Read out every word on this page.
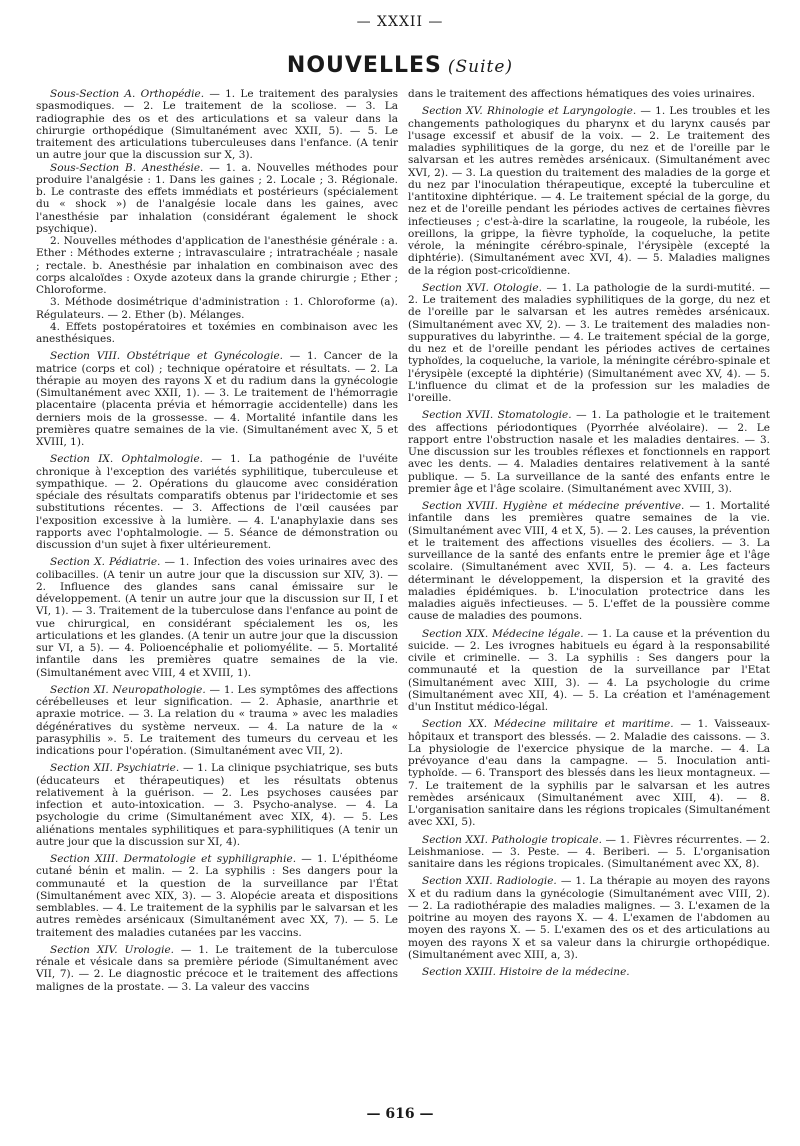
— XXXII —
NOUVELLES (Suite)

Sous-Section A. Orthopédie. — 1. Le traitement des paralysies spasmodiques. — 2. Le traitement de la scoliose. — 3. La radiographie des os et des articulations et sa valeur dans la chirurgie orthopédique (Simultanément avec XXII, 5). — 5. Le traitement des articulations tuberculeuses dans l'enfance. (A tenir un autre jour que la discussion sur X, 3).

Sous-Section B. Anesthésie. — 1. a. Nouvelles méthodes pour produire l'analgésie : 1. Dans les gaines ; 2. Locale ; 3. Régionale. b. Le contraste des effets immédiats et postérieurs (spécialement du « shock ») de l'analgésie locale dans les gaines, avec l'anesthésie par inhalation (considérant également le shock psychique).

2. Nouvelles méthodes d'application de l'anesthésie générale : a. Ether : Méthodes externe ; intravasculaire ; intratrachéale ; nasale ; rectale. b. Anesthésie par inhalation en combinaison avec des corps alcaloïdes : Oxyde azoteux dans la grande chirurgie ; Ether ; Chloroforme.

3. Méthode dosimétrique d'administration : 1. Chloroforme (a). Régulateurs. — 2. Ether (b). Mélanges.

4. Effets postopératoires et toxémies en combinaison avec les anesthésiques.

Section VIII. Obstétrique et Gynécologie. — 1. Cancer de la matrice (corps et col) ; technique opératoire et résultats. — 2. La thérapie au moyen des rayons X et du radium dans la gynécologie (Simultanément avec XXII, 1). — 3. Le traitement de l'hémorragie placentaire (placenta prévia et hémorragie accidentelle) dans les derniers mois de la grossesse. — 4. Mortalité infantile dans les premières quatre semaines de la vie. (Simultanément avec X, 5 et XVIII, 1).

Section IX. Ophtalmologie. — 1. La pathogénie de l'uvéite chronique à l'exception des variétés syphilitique, tuberculeuse et sympathique. — 2. Opérations du glaucome avec considération spéciale des résultats comparatifs obtenus par l'iridectomie et ses substitutions récentes. — 3. Affections de l'œil causées par l'exposition excessive à la lumière. — 4. L'anaphylaxie dans ses rapports avec l'ophtalmologie. — 5. Séance de démonstration ou discussion d'un sujet à fixer ultérieurement.

Section X. Pédiatrie. — 1. Infection des voies urinaires avec des colibacilles. (A tenir un autre jour que la discussion sur XIV, 3). — 2. Influence des glandes sans canal émissaire sur le développement. (A tenir un autre jour que la discussion sur II, I et VI, 1). — 3. Traitement de la tuberculose dans l'enfance au point de vue chirurgical, en considérant spécialement les os, les articulations et les glandes. (A tenir un autre jour que la discussion sur VI, a 5). — 4. Polioencéphalie et poliomyélite. — 5. Mortalité infantile dans les premières quatre semaines de la vie. (Simultanément avec VIII, 4 et XVIII, 1).

Section XI. Neuropathologie. — 1. Les symptômes des affections cérébelleuses et leur signification. — 2. Aphasie, anarthrie et apraxie motrice. — 3. La relation du « trauma » avec les maladies dégénératives du système nerveux. — 4. La nature de la « parasyphilis ». 5. Le traitement des tumeurs du cerveau et les indications pour l'opération. (Simultanément avec VII, 2).

Section XII. Psychiatrie. — 1. La clinique psychiatrique, ses buts (éducateurs et thérapeutiques) et les résultats obtenus relativement à la guérison. — 2. Les psychoses causées par infection et auto-intoxication. — 3. Psycho-analyse. — 4. La psychologie du crime (Simultanément avec XIX, 4). — 5. Les aliénations mentales syphilitiques et para-syphilitiques (A tenir un autre jour que la discussion sur XI, 4).

Section XIII. Dermatologie et syphiligraphie. — 1. L'épithéome cutané bénin et malin. — 2. La syphilis : Ses dangers pour la communauté et la question de la surveillance par l'État (Simultanément avec XIX, 3). — 3. Alopécie areata et dispositions semblables. — 4. Le traitement de la syphilis par le salvarsan et les autres remèdes arsénicaux (Simultanément avec XX, 7). — 5. Le traitement des maladies cutanées par les vaccins.

Section XIV. Urologie. — 1. Le traitement de la tuberculose rénale et vésicale dans sa première période (Simultanément avec VII, 7). — 2. Le diagnostic précoce et le traitement des affections malignes de la prostate. — 3. La valeur des vaccins

dans le traitement des affections hématiques des voies urinaires.

Section XV. Rhinologie et Laryngologie. — 1. Les troubles et les changements pathologiques du pharynx et du larynx causés par l'usage excessif et abusif de la voix. — 2. Le traitement des maladies syphilitiques de la gorge, du nez et de l'oreille par le salvarsan et les autres remèdes arsénicaux. (Simultanément avec XVI, 2). — 3. La question du traitement des maladies de la gorge et du nez par l'inoculation thérapeutique, excepté la tuberculine et l'antitoxine diphtérique. — 4. Le traitement spécial de la gorge, du nez et de l'oreille pendant les périodes actives de certaines fièvres infectieuses ; c'est-à-dire la scarlatine, la rougeole, la rubéole, les oreillons, la grippe, la fièvre typhoïde, la coqueluche, la petite vérole, la méningite cérébro-spinale, l'érysipèle (excepté la diphtérie). (Simultanément avec XVI, 4). — 5. Maladies malignes de la région post-cricoïdienne.

Section XVI. Otologie. — 1. La pathologie de la surdi-mutité. — 2. Le traitement des maladies syphilitiques de la gorge, du nez et de l'oreille par le salvarsan et les autres remèdes arsénicaux. (Simultanément avec XV, 2). — 3. Le traitement des maladies non-suppuratives du labyrinthe. — 4. Le traitement spécial de la gorge, du nez et de l'oreille pendant les périodes actives de certaines typhoïdes, la coqueluche, la variole, la méningite cérébro-spinale et l'érysipèle (excepté la diphtérie) (Simultanément avec XV, 4). — 5. L'influence du climat et de la profession sur les maladies de l'oreille.

Section XVII. Stomatologie. — 1. La pathologie et le traitement des affections périodontiques (Pyorrhée alvéolaire). — 2. Le rapport entre l'obstruction nasale et les maladies dentaires. — 3. Une discussion sur les troubles réflexes et fonctionnels en rapport avec les dents. — 4. Maladies dentaires relativement à la santé publique. — 5. La surveillance de la santé des enfants entre le premier âge et l'âge scolaire. (Simultanément avec XVIII, 3).

Section XVIII. Hygiène et médecine préventive. — 1. Mortalité infantile dans les premières quatre semaines de la vie. (Simultanément avec VIII, 4 et X, 5). — 2. Les causes, la prévention et le traitement des affections visuelles des écoliers. — 3. La surveillance de la santé des enfants entre le premier âge et l'âge scolaire. (Simultanément avec XVII, 5). — 4. a. Les facteurs déterminant le développement, la dispersion et la gravité des maladies épidémiques. b. L'inoculation protectrice dans les maladies aiguës infectieuses. — 5. L'effet de la poussière comme cause de maladies des poumons.

Section XIX. Médecine légale. — 1. La cause et la prévention du suicide. — 2. Les ivrognes habituels eu égard à la responsabilité civile et criminelle. — 3. La syphilis : Ses dangers pour la communauté et la question de la surveillance par l'Etat (Simultanément avec XIII, 3). — 4. La psychologie du crime (Simultanément avec XII, 4). — 5. La création et l'aménagement d'un Institut médico-légal.

Section XX. Médecine militaire et maritime. — 1. Vaisseaux-hôpitaux et transport des blessés. — 2. Maladie des caissons. — 3. La physiologie de l'exercice physique de la marche. — 4. La prévoyance d'eau dans la campagne. — 5. Inoculation anti-typhoïde. — 6. Transport des blessés dans les lieux montagneux. — 7. Le traitement de la syphilis par le salvarsan et les autres remèdes arsénicaux (Simultanément avec XIII, 4). — 8. L'organisation sanitaire dans les régions tropicales (Simultanément avec XXI, 5).

Section XXI. Pathologie tropicale. — 1. Fièvres récurrentes. — 2. Leishmaniose. — 3. Peste. — 4. Beriberi. — 5. L'organisation sanitaire dans les régions tropicales. (Simultanément avec XX, 8).

Section XXII. Radiologie. — 1. La thérapie au moyen des rayons X et du radium dans la gynécologie (Simultanément avec VIII, 2). — 2. La radiothérapie des maladies malignes. — 3. L'examen de la poitrine au moyen des rayons X. — 4. L'examen de l'abdomen au moyen des rayons X. — 5. L'examen des os et des articulations au moyen des rayons X et sa valeur dans la chirurgie orthopédique. (Simultanément avec XIII, a, 3).

Section XXIII. Histoire de la médecine.

— 616 —
